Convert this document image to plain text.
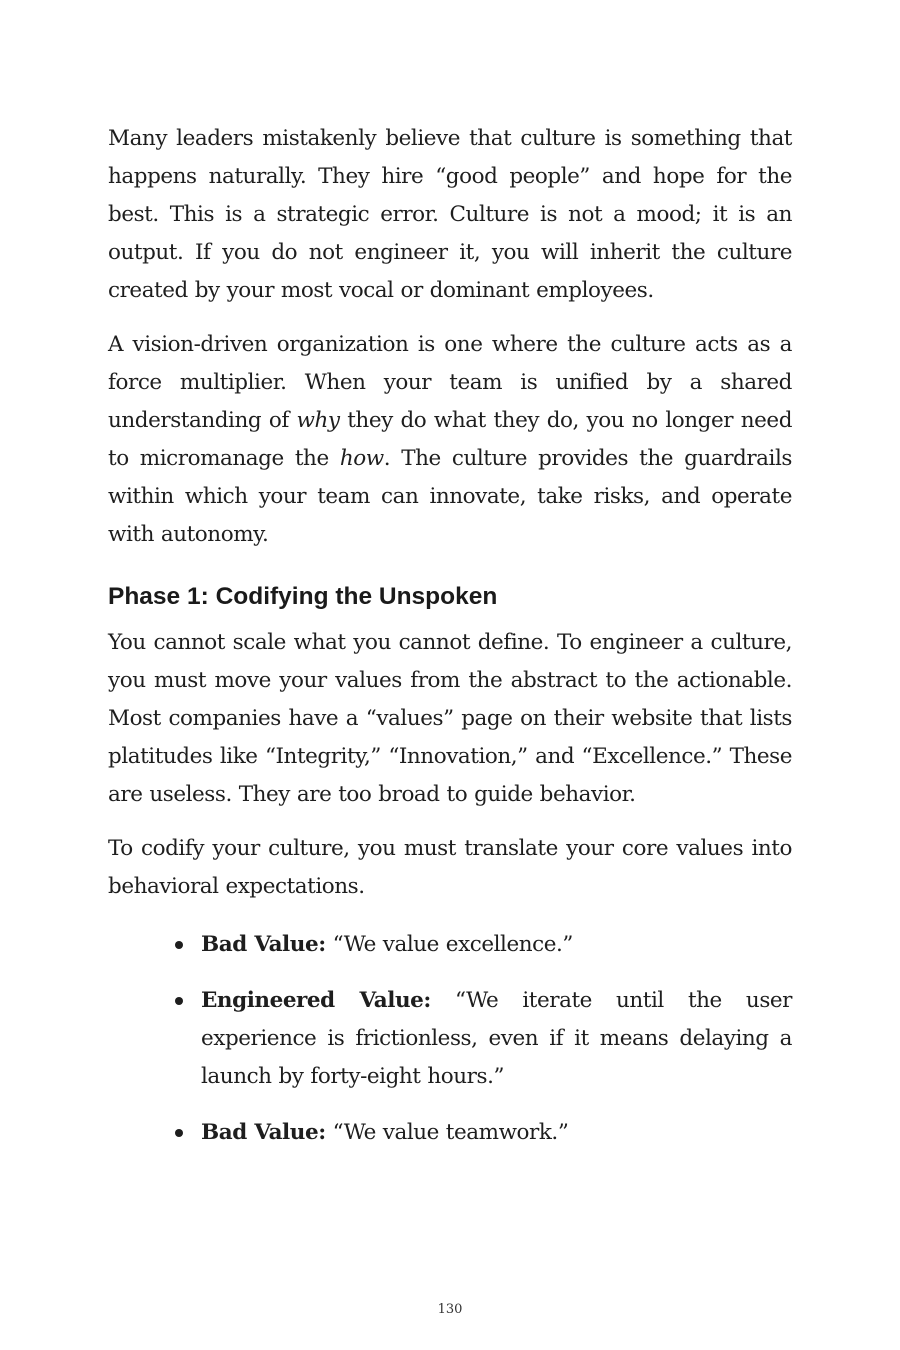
Many leaders mistakenly believe that culture is something that happens naturally. They hire “good people” and hope for the best. This is a strategic error. Culture is not a mood; it is an output. If you do not engineer it, you will inherit the culture created by your most vocal or dominant employees.

A vision-driven organization is one where the culture acts as a force multiplier. When your team is unified by a shared understanding of why they do what they do, you no longer need to micromanage the how. The culture provides the guardrails within which your team can innovate, take risks, and operate with autonomy.

Phase 1: Codifying the Unspoken

You cannot scale what you cannot define. To engineer a culture, you must move your values from the abstract to the actionable. Most companies have a “values” page on their website that lists platitudes like “Integrity,” “Innovation,” and “Excellence.” These are useless. They are too broad to guide behavior.

To codify your culture, you must translate your core values into behavioral expectations.

Bad Value: “We value excellence.”
Engineered Value: “We iterate until the user experience is frictionless, even if it means delaying a launch by forty-eight hours.”
Bad Value: “We value teamwork.”
130
